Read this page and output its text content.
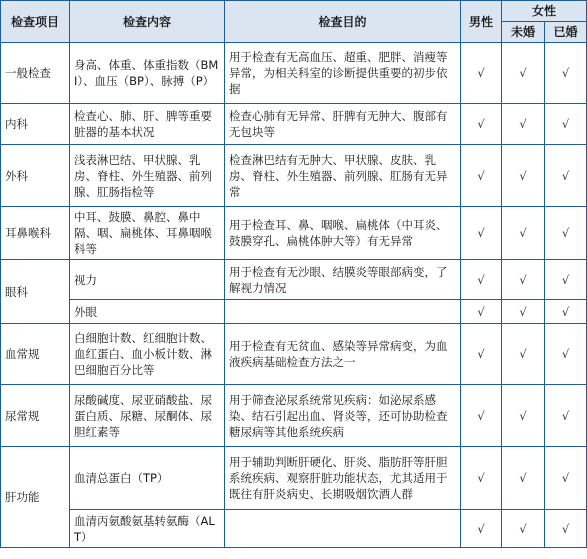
检查项目	检查内容	检查目的	男性	女性	
				未婚	已婚
一般检查	身高、体重、体重指数（BMI）、血压（BP）、脉搏（P）	用于检查有无高血压、超重、肥胖、消瘦等异常，为相关科室的诊断提供重要的初步依据	√	√	√
内科	检查心、肺、肝、脾等重要脏器的基本状况	检查心肺有无异常、肝脾有无肿大、腹部有无包块等	√	√	√
外科	浅表淋巴结、甲状腺、乳房、脊柱、外生殖器、前列腺、肛肠指检等	检查淋巴结有无肿大、甲状腺、皮肤、乳房、脊柱、外生殖器、前列腺、肛肠有无异常	√	√	√
耳鼻喉科	中耳、鼓膜、鼻腔、鼻中隔、咽、扁桃体、耳鼻咽喉科等	用于检查耳、鼻、咽喉、扁桃体（中耳炎、鼓膜穿孔、扁桃体肿大等）有无异常	√	√	√
眼科	视力	用于检查有无沙眼、结膜炎等眼部病变，了解视力情况	√	√	√
	外眼		√	√	√
血常规	白细胞计数、红细胞计数、血红蛋白、血小板计数、淋巴细胞百分比等	用于检查有无贫血、感染等异常病变，为血液疾病基础检查方法之一	√	√	√
尿常规	尿酸碱度、尿亚硝酸盐、尿蛋白质、尿糖、尿酮体、尿胆红素等	用于筛查泌尿系统常见疾病：如泌尿系感染、结石引起出血、肾炎等，还可协助检查糖尿病等其他系统疾病	√	√	√
肝功能	血清总蛋白（TP）	用于辅助判断肝硬化、肝炎、脂肪肝等肝胆系统疾病、观察肝脏功能状态，尤其适用于既往有肝炎病史、长期吸烟饮酒人群	√	√	√
	血清丙氨酸氨基转氨酶（ALT）		√	√	√
